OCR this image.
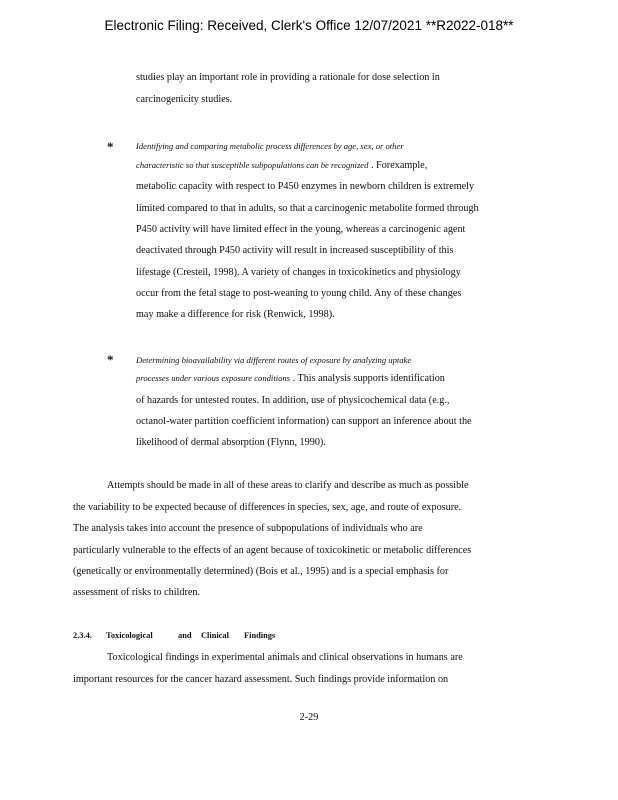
Electronic Filing: Received, Clerk's Office 12/07/2021 **R2022-018**
studies play an important role in providing a rationale for dose selection in
carcinogenicity studies.
*	Identifying and comparing metabolic process differences by age, sex, or other
characteristic so that susceptible subpopulations can be recognized . Forexample,
metabolic capacity with respect to P450 enzymes in newborn children is extremely
limited compared to that in adults, so that a carcinogenic metabolite formed through
P450 activity will have limited effect in the young, whereas a carcinogenic agent
deactivated through P450 activity will result in increased susceptibility of this
lifestage (Cresteil, 1998). A variety of changes in toxicokinetics and physiology
occur from the fetal stage to post-weaning to young child. Any of these changes
may make a difference for risk (Renwick, 1998).
*	Determining bioavailability via different routes of exposure by analyzing uptake
processes under various exposure conditions . This analysis supports identification
of hazards for untested routes. In addition, use of physicochemical data (e.g.,
octanol-water partition coefficient information) can support an inference about the
likelihood of dermal absorption (Flynn, 1990).
Attempts should be made in all of these areas to clarify and describe as much as possible
the variability to be expected because of differences in species, sex, age, and route of exposure.
The analysis takes into account the presence of subpopulations of individuals who are
particularly vulnerable to the effects of an agent because of toxicokinetic or metabolic differences
(genetically or environmentally determined) (Bois et al., 1995) and is a special emphasis for
assessment of risks to children.
2.3.4. Toxicological	and Clinical Findings
Toxicological findings in experimental animals and clinical observations in humans are
important resources for the cancer hazard assessment. Such findings provide information on
2-29
